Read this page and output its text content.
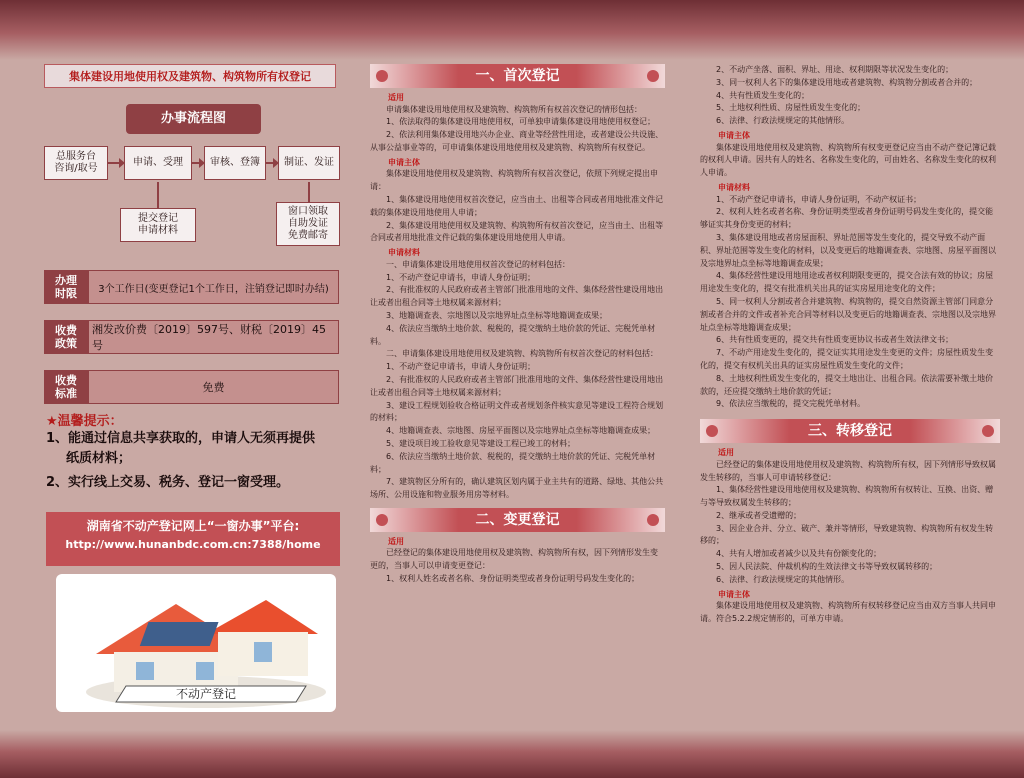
集体建设用地使用权及建筑物、构筑物所有权登记
办事流程图
总服务台
咨询/取号
申请、受理	审核、登簿	制证、发证
提交登记
申请材料
窗口领取
自助发证
免费邮寄
办理
时限	3个工作日(变更登记1个工作日，注销登记即时办结)
收费
政策
湘发改价费〔2019〕597号、财税〔2019〕45号
收费
标准	免费
★温馨提示：
1、能通过信息共享获取的，申请人无须再提供
纸质材料；
2、实行线上交易、税务、登记一窗受理。
湖南省不动产登记网上“一窗办事”平台:
http://www.hunanbdc.com.cn:7388/home
不动产登记
一、首次登记
适用

申请集体建设用地使用权及建筑物、构筑物所有权首次登记的情形包括：

1、依法取得的集体建设用地使用权，可单独申请集体建设用地使用权登记；

2、依法利用集体建设用地兴办企业、商业等经营性用途，或者建设公共设施、从事公益事业等的，可申请集体建设用地使用权及建筑物、构筑物所有权登记。

申请主体

集体建设用地使用权及建筑物、构筑物所有权首次登记，依照下列规定提出申请：

1、集体建设用地使用权首次登记，应当由土、出租等合同或者用地批准文件记载的集体建设用地使用人申请；

2、集体建设用地使用权及建筑物、构筑物所有权首次登记，应当由土、出租等合同或者用地批准文件记载的集体建设用地使用人申请。

申请材料

一、申请集体建设用地使用权首次登记的材料包括：

1、不动产登记申请书，申请人身份证明；

2、有批准权的人民政府或者主管部门批准用地的文件、集体经营性建设用地出让或者出租合同等土地权属来源材料；

3、地籍调查表、宗地图以及宗地界址点坐标等地籍调查成果；

4、依法应当缴纳土地价款、税税的，提交缴纳土地价款的凭证、完税凭单材料。

二、申请集体建设用地使用权及建筑物、构筑物所有权首次登记的材料包括：

1、不动产登记申请书，申请人身份证明；

2、有批准权的人民政府或者主管部门批准用地的文件、集体经营性建设用地出让或者出租合同等土地权属来源材料；

3、建设工程规划验收合格证明文件或者规划条件核实意见等建设工程符合规划的材料；

4、地籍调查表、宗地图、房屋平面图以及宗地界址点坐标等地籍调查成果；

5、建设项目竣工验收意见等建设工程已竣工的材料；

6、依法应当缴纳土地价款、税税的，提交缴纳土地价款的凭证、完税凭单材料；

7、建筑物区分所有的，确认建筑区划内属于业主共有的道路、绿地、其他公共场所、公用设施和物业服务用房等材料。

二、变更登记
适用

已经登记的集体建设用地使用权及建筑物、构筑物所有权，因下列情形发生变更的，当事人可以申请变更登记：

1、权利人姓名或者名称、身份证明类型或者身份证明号码发生变化的；

2、不动产坐落、面积、界址、用途、权利期限等状况发生变化的；

3、同一权利人名下的集体建设用地或者建筑物、构筑物分割或者合并的；

4、共有性质发生变化的；

5、土地权利性质、房屋性质发生变化的；

6、法律、行政法规规定的其他情形。

申请主体

集体建设用地使用权及建筑物、构筑物所有权变更登记应当由不动产登记簿记载的权利人申请。因共有人的姓名、名称发生变化的，可由姓名、名称发生变化的权利人申请。

申请材料

1、不动产登记申请书，申请人身份证明，不动产权证书；

2、权利人姓名或者名称、身份证明类型或者身份证明号码发生变化的，提交能够证实其身份变更的材料；

3、集体建设用地或者房屋面积、界址范围等发生变化的，提交导致不动产面积、界址范围等发生变化的材料，以及变更后的地籍调查表、宗地图、房屋平面图以及宗地界址点坐标等地籍调查成果；

4、集体经营性建设用地用途或者权利期限变更的，提交合法有效的协议；房屋用途发生变化的，提交有批准机关出具的证实房屋用途变化的文件；

5、同一权利人分割或者合并建筑物、构筑物的，提交自然资源主管部门同意分割或者合并的文件或者补充合同等材料以及变更后的地籍调查表、宗地图以及宗地界址点坐标等地籍调查成果；

6、共有性质变更的，提交共有性质变更协议书或者生效法律文书；

7、不动产用途发生变化的，提交证实其用途发生变更的文件；房屋性质发生变化的，提交有权机关出具的证实房屋性质发生变化的文件；

8、土地权利性质发生变化的，提交土地出让、出租合同。依法需要补缴土地价款的，还应提交缴纳土地价款的凭证；

9、依法应当缴税的，提交完税凭单材料。

三、转移登记
适用

已经登记的集体建设用地使用权及建筑物、构筑物所有权，因下列情形导致权属发生转移的，当事人可申请转移登记：

1、集体经营性建设用地使用权及建筑物、构筑物所有权转让、互换、出资、赠与等导致权属发生转移的；

2、继承或者受遗赠的；

3、因企业合并、分立、破产、兼并等情形，导致建筑物、构筑物所有权发生转移的；

4、共有人增加或者减少以及共有份额变化的；

5、因人民法院、仲裁机构的生效法律文书等导致权属转移的；

6、法律、行政法规规定的其他情形。

申请主体

集体建设用地使用权及建筑物、构筑物所有权转移登记应当由双方当事人共同申请。符合5.2.2规定情形的，可单方申请。
